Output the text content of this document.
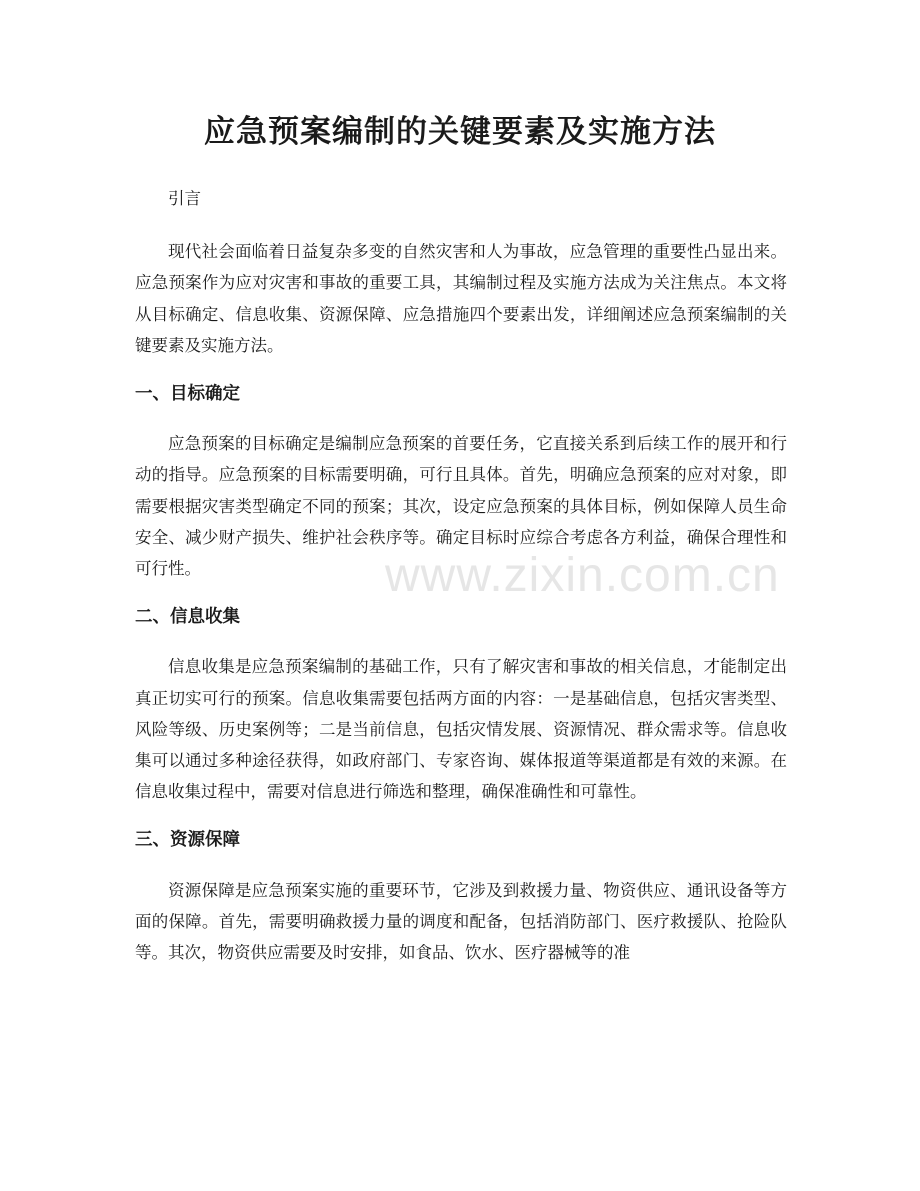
应急预案编制的关键要素及实施方法

引言

现代社会面临着日益复杂多变的自然灾害和人为事故，应急管理的重要性凸显出来。应急预案作为应对灾害和事故的重要工具，其编制过程及实施方法成为关注焦点。本文将从目标确定、信息收集、资源保障、应急措施四个要素出发，详细阐述应急预案编制的关键要素及实施方法。

一、目标确定

应急预案的目标确定是编制应急预案的首要任务，它直接关系到后续工作的展开和行动的指导。应急预案的目标需要明确，可行且具体。首先，明确应急预案的应对对象，即需要根据灾害类型确定不同的预案；其次，设定应急预案的具体目标，例如保障人员生命安全、减少财产损失、维护社会秩序等。确定目标时应综合考虑各方利益，确保合理性和可行性。

二、信息收集

信息收集是应急预案编制的基础工作，只有了解灾害和事故的相关信息，才能制定出真正切实可行的预案。信息收集需要包括两方面的内容：一是基础信息，包括灾害类型、风险等级、历史案例等；二是当前信息，包括灾情发展、资源情况、群众需求等。信息收集可以通过多种途径获得，如政府部门、专家咨询、媒体报道等渠道都是有效的来源。在信息收集过程中，需要对信息进行筛选和整理，确保准确性和可靠性。

三、资源保障

资源保障是应急预案实施的重要环节，它涉及到救援力量、物资供应、通讯设备等方面的保障。首先，需要明确救援力量的调度和配备，包括消防部门、医疗救援队、抢险队等。其次，物资供应需要及时安排，如食品、饮水、医疗器械等的准

www.zixin.com.cn
